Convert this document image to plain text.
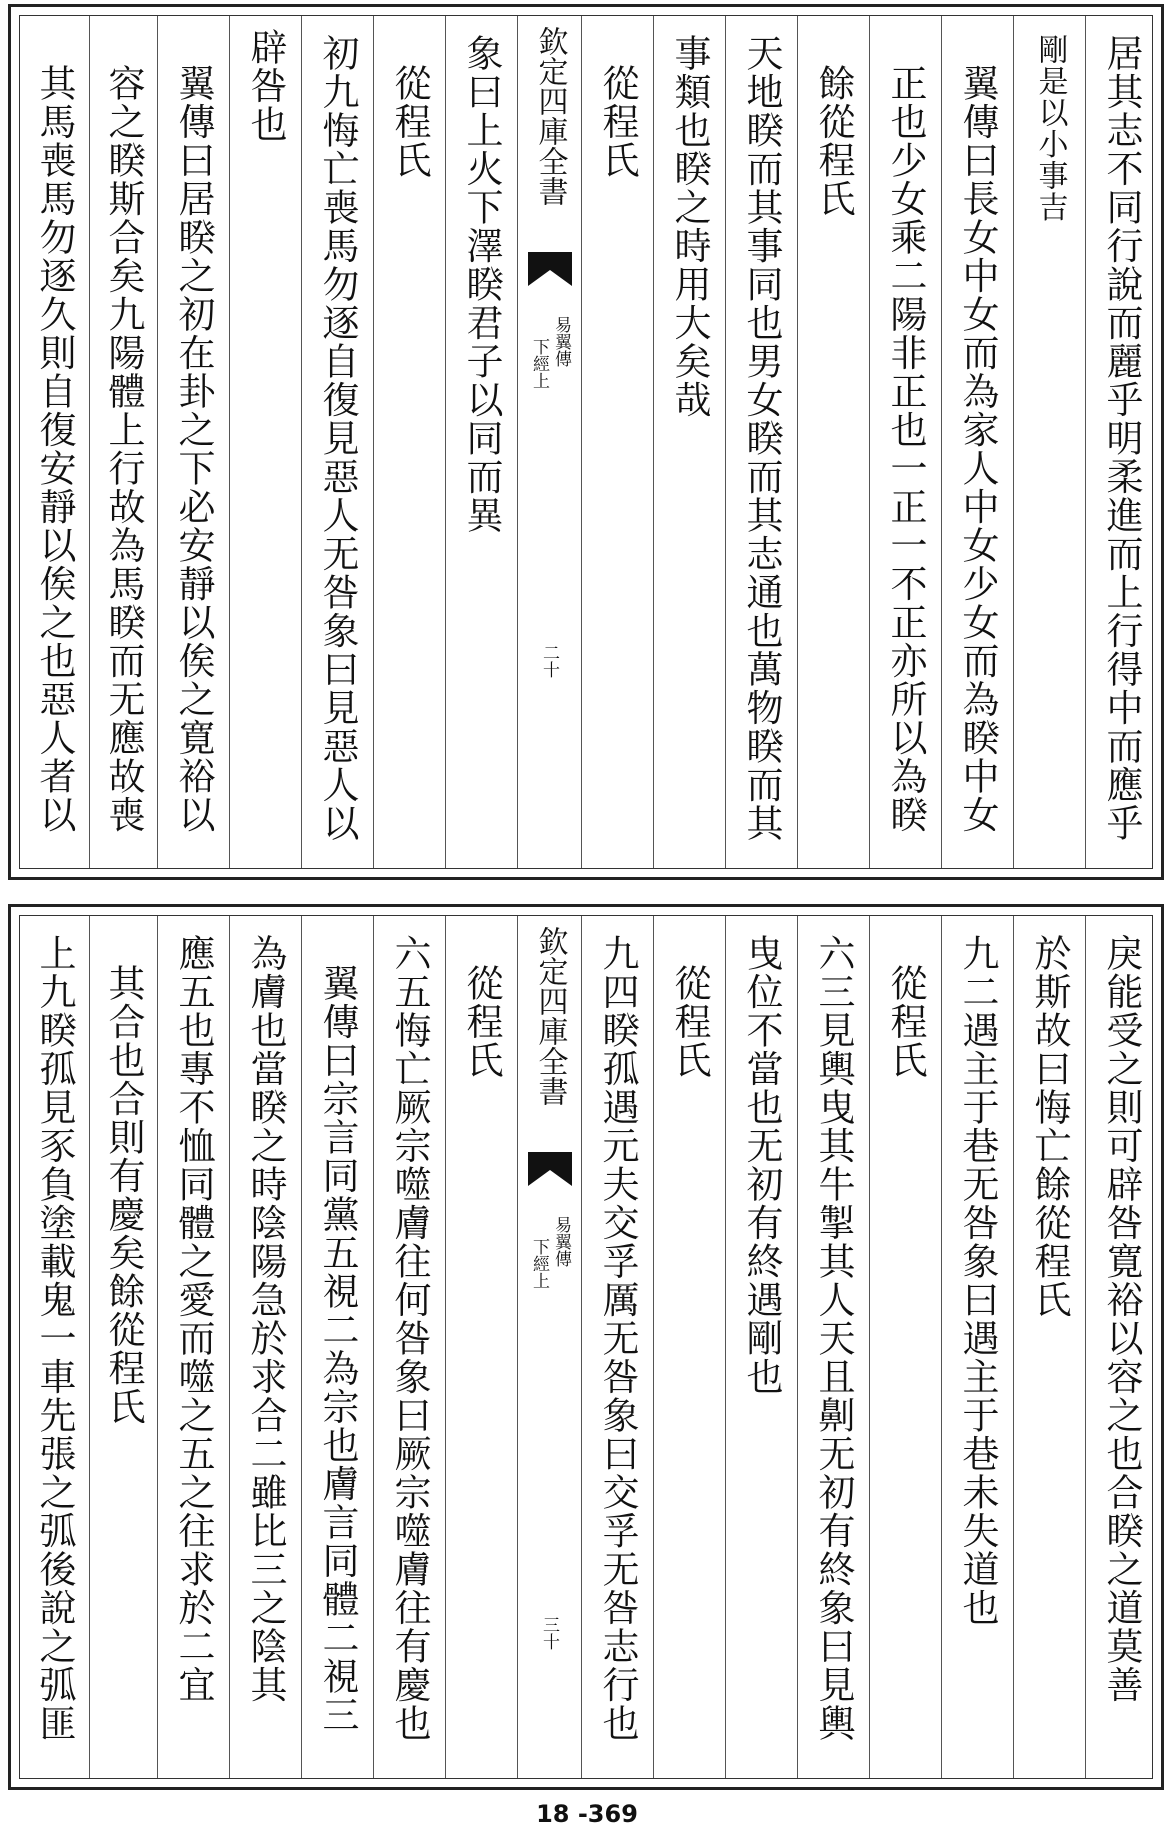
居其志不同行說而麗乎明柔進而上行得中而應乎
剛是以小事吉
翼傳曰長女中女而為家人中女少女而為睽中女
正也少女乘二陽非正也一正一不正亦所以為睽
餘從程氏
天地睽而其事同也男女睽而其志通也萬物睽而其
事類也睽之時用大矣哉
從程氏
欽定四庫全書
易翼傳
下經上
二十
象曰上火下澤睽君子以同而異
從程氏
初九悔亡喪馬勿逐自復見惡人无咎象曰見惡人以
辟咎也
翼傳曰居睽之初在卦之下必安靜以俟之寛裕以
容之睽斯合矣九陽體上行故為馬睽而无應故喪
其馬喪馬勿逐久則自復安靜以俟之也惡人者以
戾能受之則可辟咎寛裕以容之也合睽之道莫善
於斯故曰悔亡餘從程氏
九二遇主于巷无咎象曰遇主于巷未失道也
從程氏
六三見輿曳其牛掣其人天且劓无初有終象曰見輿
曳位不當也无初有終遇剛也
從程氏
九四睽孤遇元夫交孚厲无咎象曰交孚无咎志行也
欽定四庫全書
易翼傳
下經上
三十
從程氏
六五悔亡厥宗噬膚往何咎象曰厥宗噬膚往有慶也
翼傳曰宗言同黨五視二為宗也膚言同體二視三
為膚也當睽之時陰陽急於求合二雖比三之陰其
應五也專不恤同體之愛而噬之五之往求於二宜
其合也合則有慶矣餘從程氏
上九睽孤見豕負塗載鬼一車先張之弧後說之弧匪
18 -369
